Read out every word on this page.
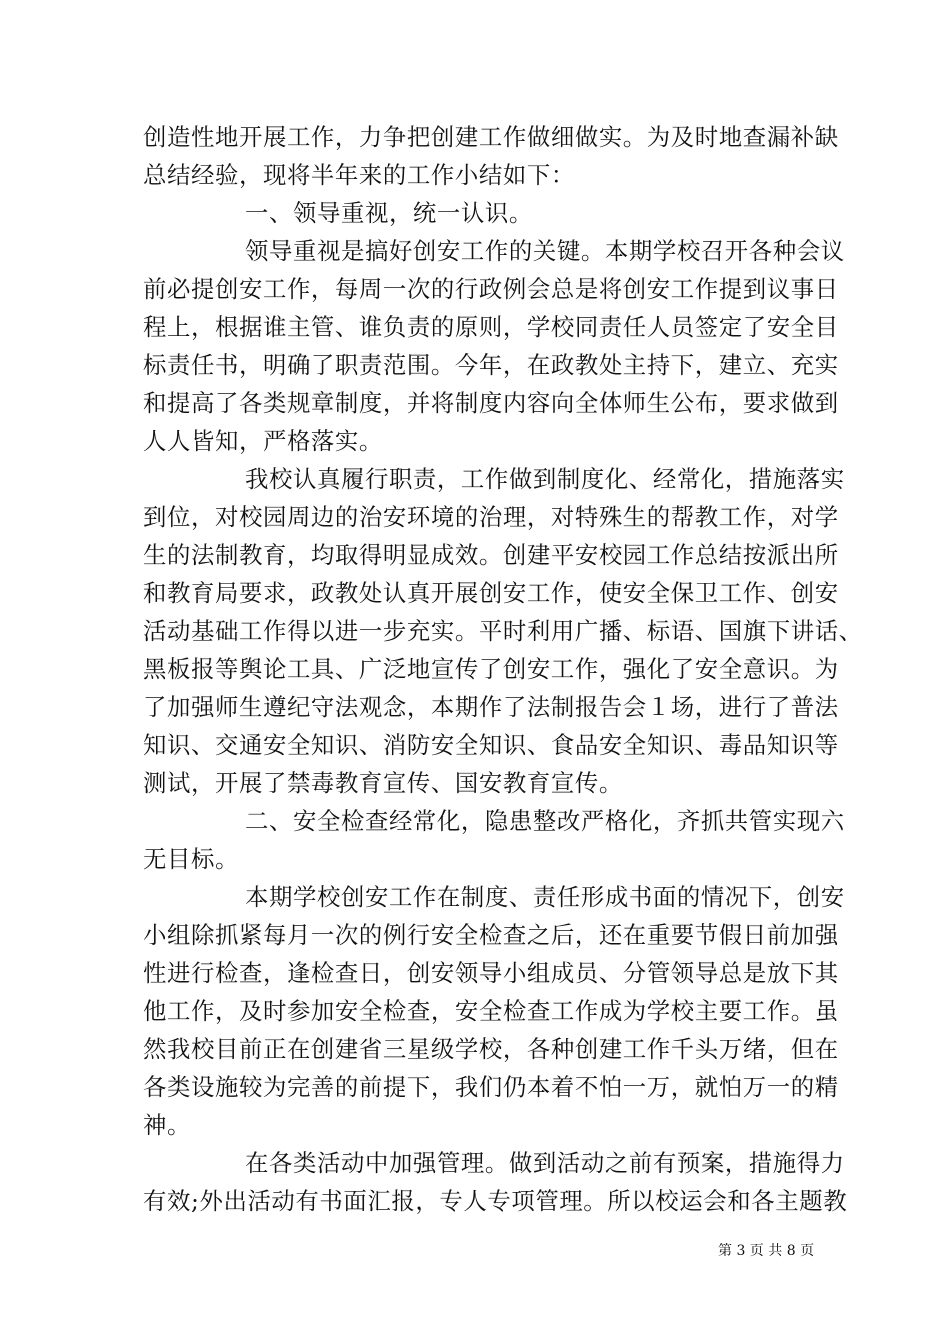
创造性地开展工作，力争把创建工作做细做实。为及时地查漏补缺
总结经验，现将半年来的工作小结如下：
一、领导重视，统一认识。
领导重视是搞好创安工作的关键。本期学校召开各种会议
前必提创安工作，每周一次的行政例会总是将创安工作提到议事日
程上，根据谁主管、谁负责的原则，学校同责任人员签定了安全目
标责任书，明确了职责范围。今年，在政教处主持下，建立、充实
和提高了各类规章制度，并将制度内容向全体师生公布，要求做到
人人皆知，严格落实。
我校认真履行职责，工作做到制度化、经常化，措施落实
到位，对校园周边的治安环境的治理，对特殊生的帮教工作，对学
生的法制教育，均取得明显成效。创建平安校园工作总结按派出所
和教育局要求，政教处认真开展创安工作，使安全保卫工作、创安
活动基础工作得以进一步充实。平时利用广播、标语、国旗下讲话、
黑板报等舆论工具、广泛地宣传了创安工作，强化了安全意识。为
了加强师生遵纪守法观念，本期作了法制报告会１场，进行了普法
知识、交通安全知识、消防安全知识、食品安全知识、毒品知识等
测试，开展了禁毒教育宣传、国安教育宣传。
二、安全检查经常化，隐患整改严格化，齐抓共管实现六
无目标。
本期学校创安工作在制度、责任形成书面的情况下，创安
小组除抓紧每月一次的例行安全检查之后，还在重要节假日前加强
性进行检查，逢检查日，创安领导小组成员、分管领导总是放下其
他工作，及时参加安全检查，安全检查工作成为学校主要工作。虽
然我校目前正在创建省三星级学校，各种创建工作千头万绪，但在
各类设施较为完善的前提下，我们仍本着不怕一万，就怕万一的精
神。
在各类活动中加强管理。做到活动之前有预案，措施得力
有效;外出活动有书面汇报，专人专项管理。所以校运会和各主题教
第 3 页 共 8 页
